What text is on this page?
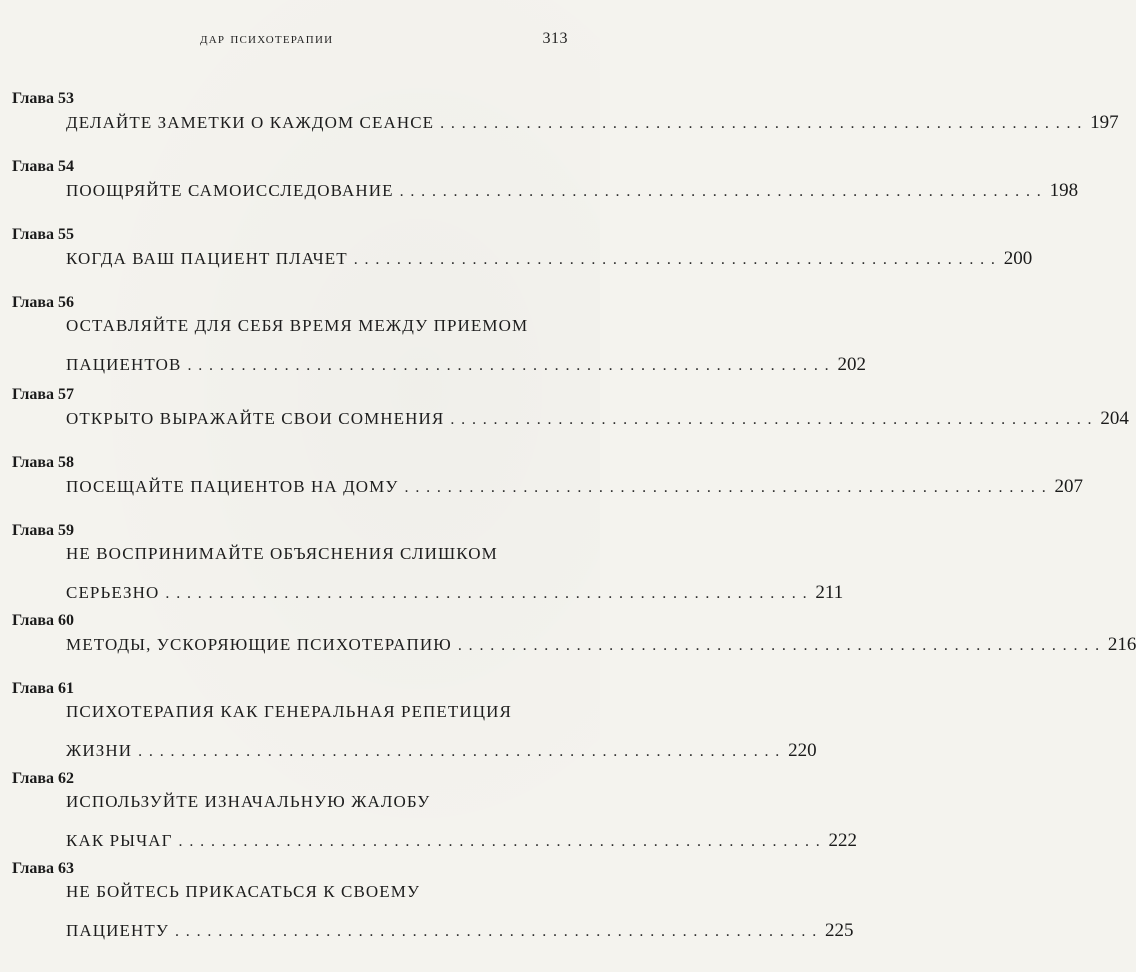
дар психотерапии	313
Глава 53
ДЕЛАЙТЕ ЗАМЕТКИ О КАЖДОМ СЕАНСЕ ............................................................ 197
Глава 54
ПООЩРЯЙТЕ САМОИССЛЕДОВАНИЕ ............................................................ 198
Глава 55
КОГДА ВАШ ПАЦИЕНТ ПЛАЧЕТ ............................................................ 200
Глава 56
ОСТАВЛЯЙТЕ ДЛЯ СЕБЯ ВРЕМЯ МЕЖДУ ПРИЕМОМ
ПАЦИЕНТОВ ............................................................ 202
Глава 57
ОТКРЫТО ВЫРАЖАЙТЕ СВОИ СОМНЕНИЯ ............................................................ 204
Глава 58
ПОСЕЩАЙТЕ ПАЦИЕНТОВ НА ДОМУ ............................................................ 207
Глава 59
НЕ ВОСПРИНИМАЙТЕ ОБЪЯСНЕНИЯ СЛИШКОМ
СЕРЬЕЗНО ............................................................ 211
Глава 60
МЕТОДЫ, УСКОРЯЮЩИЕ ПСИХОТЕРАПИЮ ............................................................ 216
Глава 61
ПСИХОТЕРАПИЯ КАК ГЕНЕРАЛЬНАЯ РЕПЕТИЦИЯ
ЖИЗНИ ............................................................ 220
Глава 62
ИСПОЛЬЗУЙТЕ ИЗНАЧАЛЬНУЮ ЖАЛОБУ
КАК РЫЧАГ ............................................................ 222
Глава 63
НЕ БОЙТЕСЬ ПРИКАСАТЬСЯ К СВОЕМУ
ПАЦИЕНТУ ............................................................ 225
